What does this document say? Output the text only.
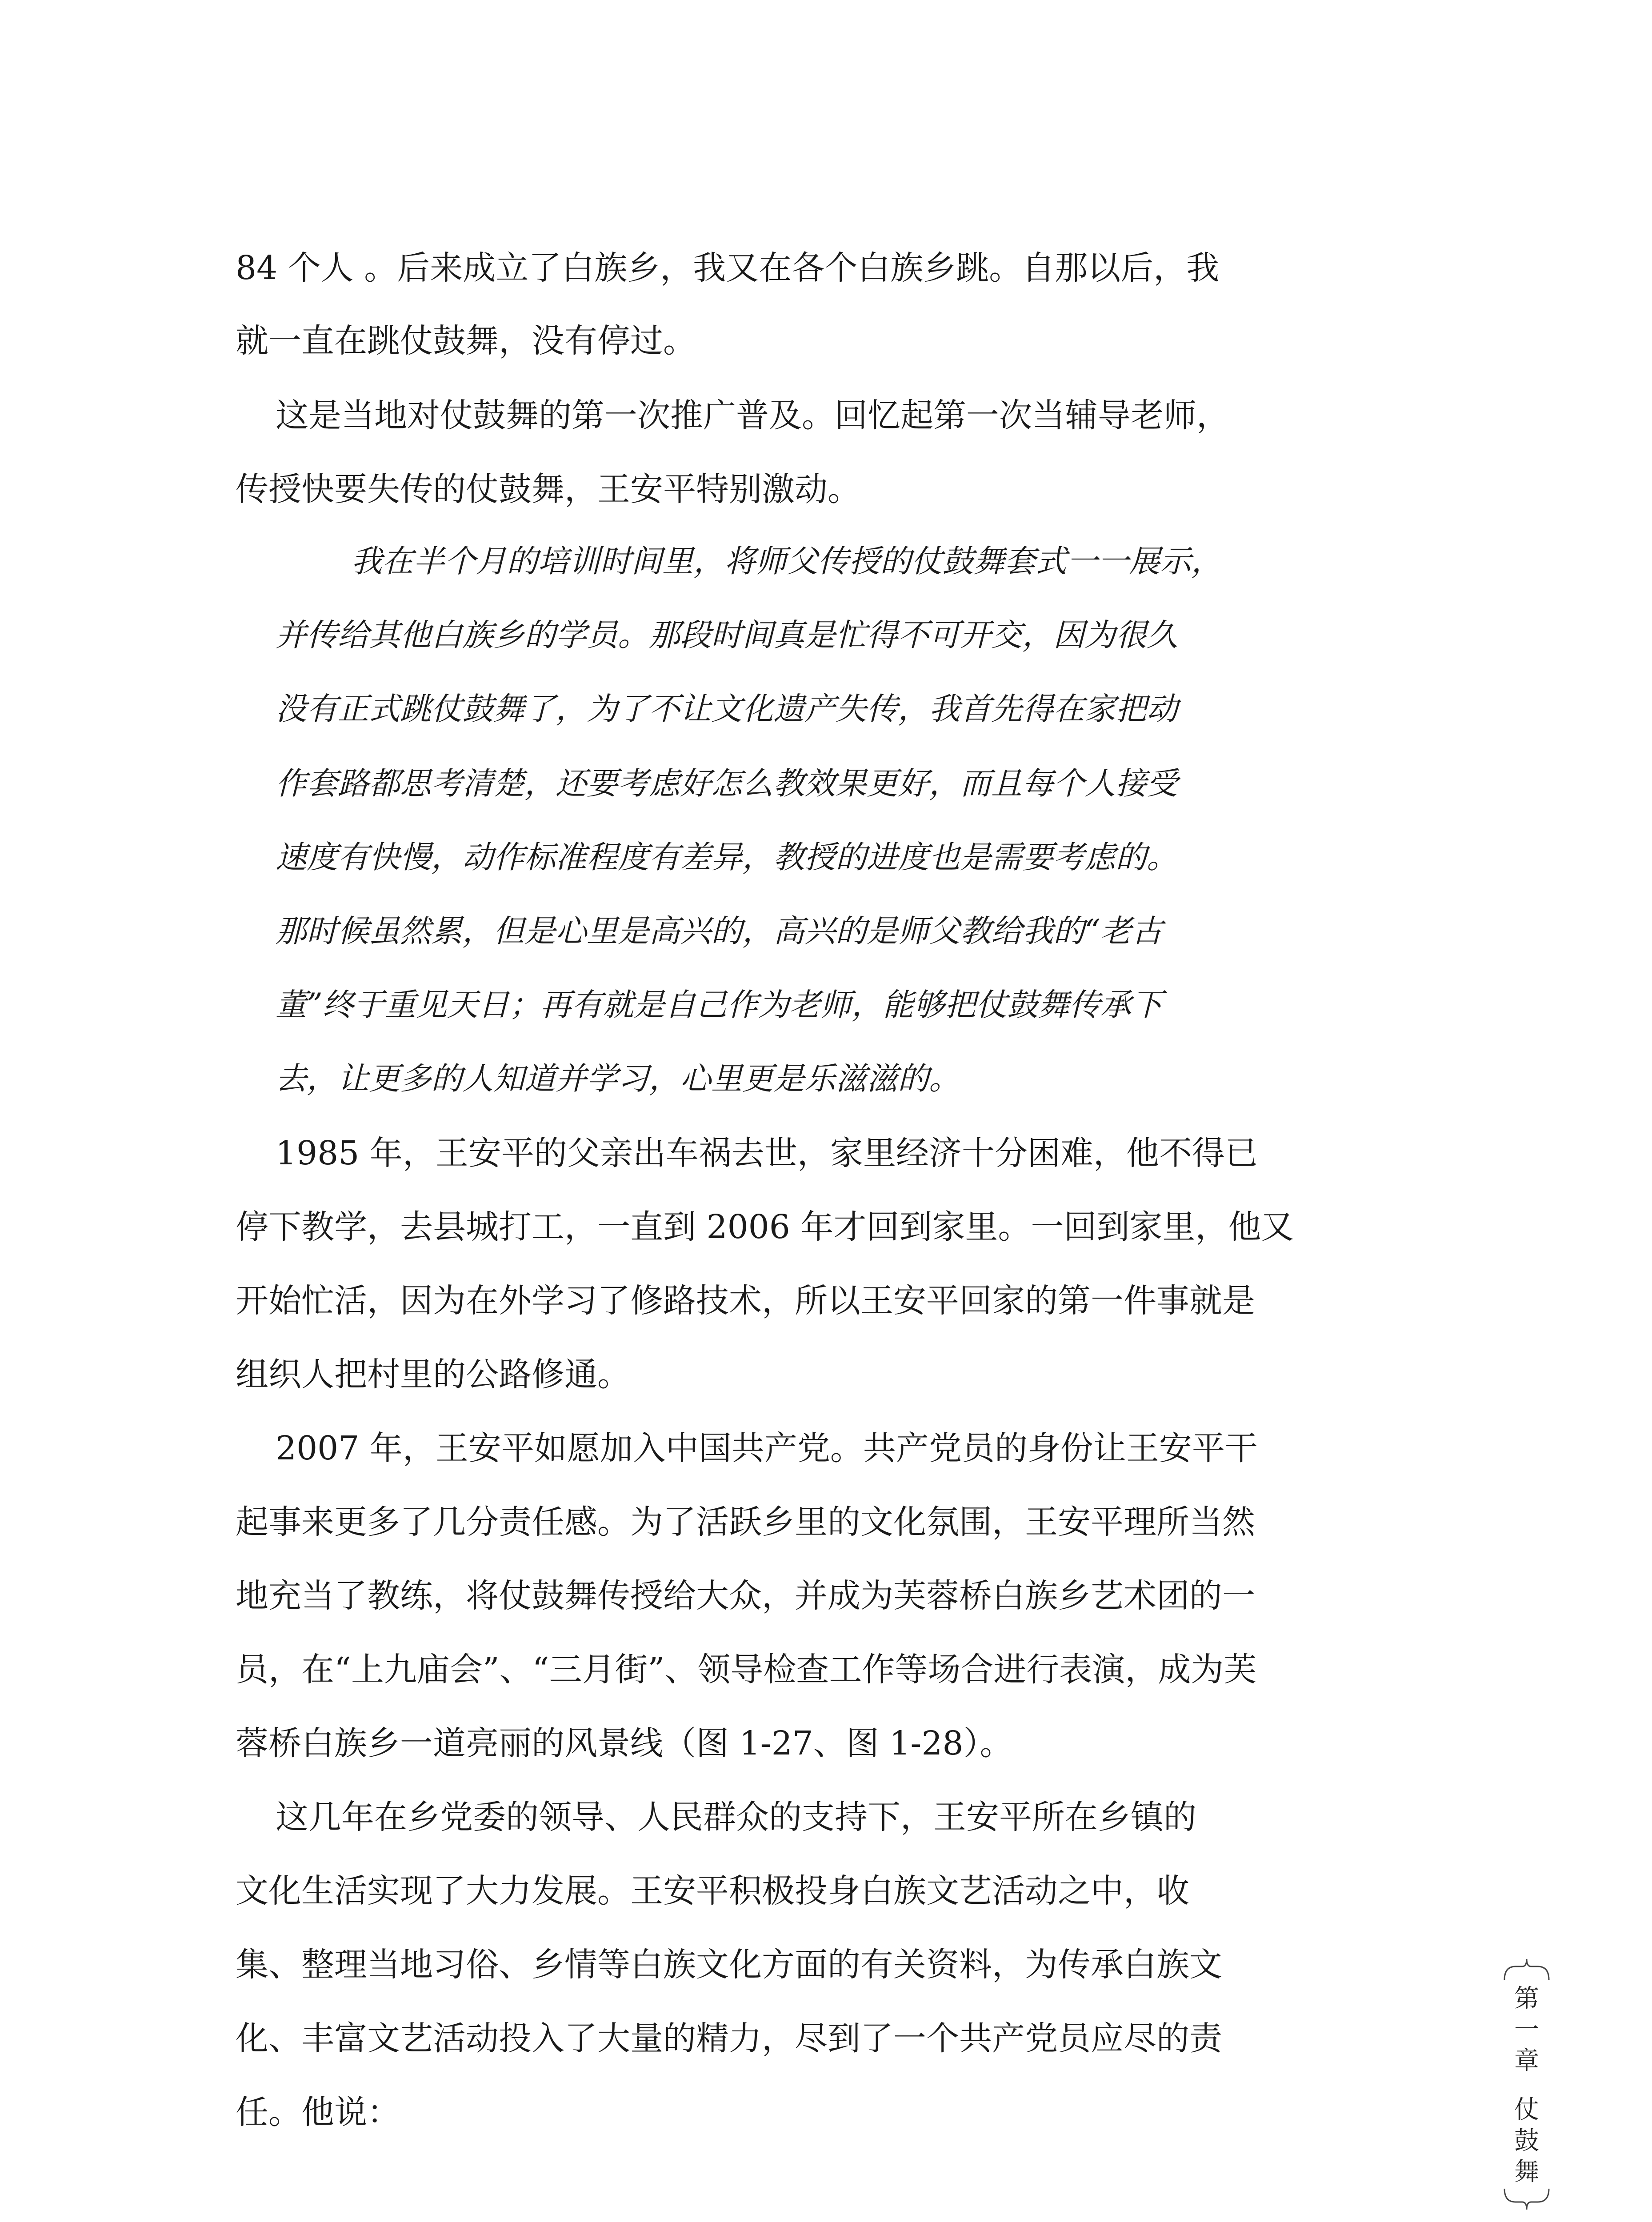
84 个人 。后来成立了白族乡，我又在各个白族乡跳。自那以后，我
就一直在跳仗鼓舞，没有停过。
这是当地对仗鼓舞的第一次推广普及。回忆起第一次当辅导老师，
传授快要失传的仗鼓舞，王安平特别激动。
我在半个月的培训时间里，将师父传授的仗鼓舞套式一一展示，
并传给其他白族乡的学员。那段时间真是忙得不可开交，因为很久
没有正式跳仗鼓舞了，为了不让文化遗产失传，我首先得在家把动
作套路都思考清楚，还要考虑好怎么教效果更好，而且每个人接受
速度有快慢，动作标准程度有差异，教授的进度也是需要考虑的。
那时候虽然累，但是心里是高兴的，高兴的是师父教给我的“老古
董”终于重见天日；再有就是自己作为老师，能够把仗鼓舞传承下
去，让更多的人知道并学习，心里更是乐滋滋的。
1985 年，王安平的父亲出车祸去世，家里经济十分困难，他不得已
停下教学，去县城打工，一直到 2006 年才回到家里。一回到家里，他又
开始忙活，因为在外学习了修路技术，所以王安平回家的第一件事就是
组织人把村里的公路修通。
2007 年，王安平如愿加入中国共产党。共产党员的身份让王安平干
起事来更多了几分责任感。为了活跃乡里的文化氛围，王安平理所当然
地充当了教练，将仗鼓舞传授给大众，并成为芙蓉桥白族乡艺术团的一
员，在“上九庙会”、“三月街”、领导检查工作等场合进行表演，成为芙
蓉桥白族乡一道亮丽的风景线（图 1-27、图 1-28）。
这几年在乡党委的领导、人民群众的支持下，王安平所在乡镇的
文化生活实现了大力发展。王安平积极投身白族文艺活动之中，收
集、整理当地习俗、乡情等白族文化方面的有关资料，为传承白族文
化、丰富文艺活动投入了大量的精力，尽到了一个共产党员应尽的责
任。他说：
第
一
章
仗
鼓
舞
